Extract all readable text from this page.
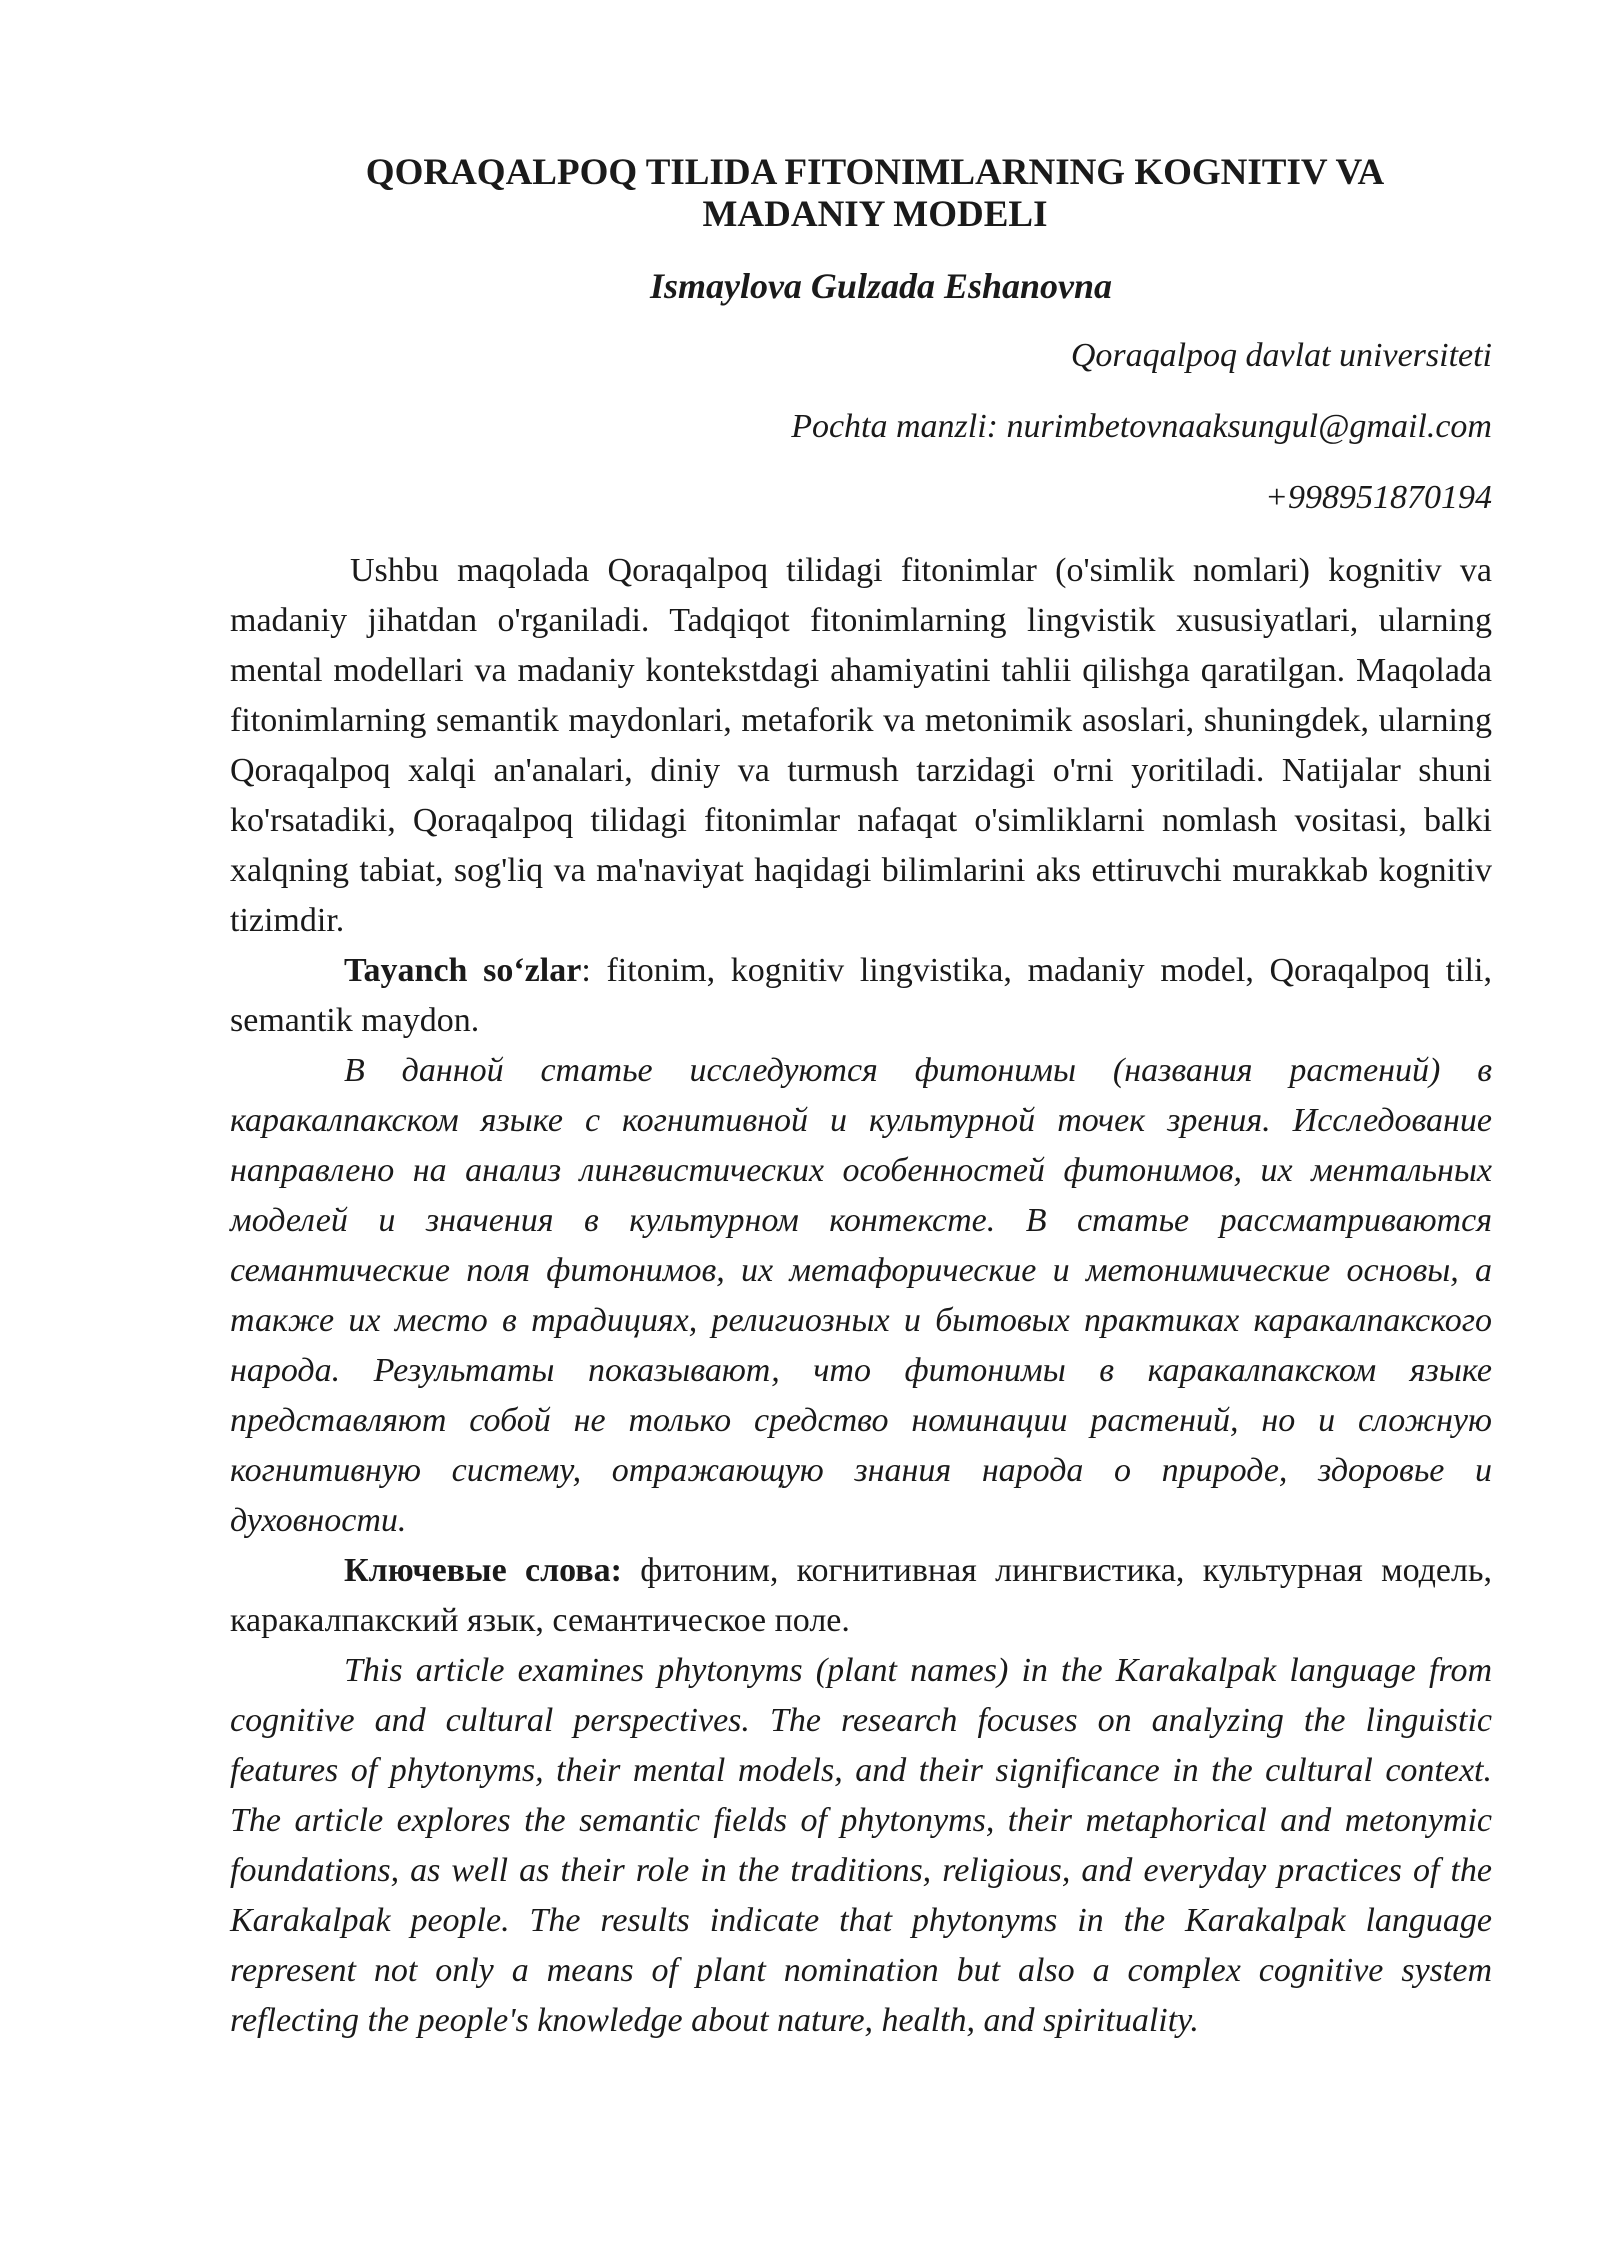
QORAQALPOQ TILIDA FITONIMLARNING KOGNITIV VA MADANIY MODELI

Ismaylova Gulzada Eshanovna

Qoraqalpoq davlat universiteti

Pochta manzli: nurimbetovnaaksungul@gmail.com

+998951870194

Ushbu maqolada Qoraqalpoq tilidagi fitonimlar (o'simlik nomlari) kognitiv va madaniy jihatdan o'rganiladi. Tadqiqot fitonimlarning lingvistik xususiyatlari, ularning mental modellari va madaniy kontekstdagi ahamiyatini tahlii qilishga qaratilgan. Maqolada fitonimlarning semantik maydonlari, metaforik va metonimik asoslari, shuningdek, ularning Qoraqalpoq xalqi an'analari, diniy va turmush tarzidagi o'rni yoritiladi. Natijalar shuni ko'rsatadiki, Qoraqalpoq tilidagi fitonimlar nafaqat o'simliklarni nomlash vositasi, balki xalqning tabiat, sog'liq va ma'naviyat haqidagi bilimlarini aks ettiruvchi murakkab kognitiv tizimdir.

Tayanch so‘zlar: fitonim, kognitiv lingvistika, madaniy model, Qoraqalpoq tili, semantik maydon.

В данной статье исследуются фитонимы (названия растений) в каракалпакском языке с когнитивной и культурной точек зрения. Исследование направлено на анализ лингвистических особенностей фитонимов, их ментальных моделей и значения в культурном контексте. В статье рассматриваются семантические поля фитонимов, их метафорические и метонимические основы, а также их место в традициях, религиозных и бытовых практиках каракалпакского народа. Результаты показывают, что фитонимы в каракалпакском языке представляют собой не только средство номинации растений, но и сложную когнитивную систему, отражающую знания народа о природе, здоровье и духовности.

Ключевые слова: фитоним, когнитивная лингвистика, культурная модель, каракалпакский язык, семантическое поле.

This article examines phytonyms (plant names) in the Karakalpak language from cognitive and cultural perspectives. The research focuses on analyzing the linguistic features of phytonyms, their mental models, and their significance in the cultural context. The article explores the semantic fields of phytonyms, their metaphorical and metonymic foundations, as well as their role in the traditions, religious, and everyday practices of the Karakalpak people. The results indicate that phytonyms in the Karakalpak language represent not only a means of plant nomination but also a complex cognitive system reflecting the people's knowledge about nature, health, and spirituality.
